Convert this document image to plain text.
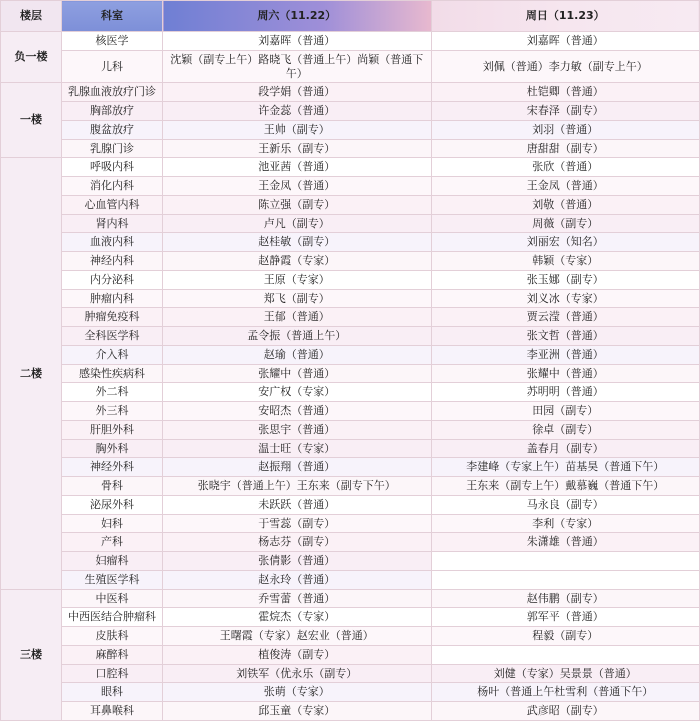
楼层	科室	周六（11.22）	周日（11.23）
负一楼	核医学	刘嘉晖（普通）	刘嘉晖（普通）
	儿科	沈颖（副专上午）路晓飞（普通上午）尚颖（普通下午）	刘佩（普通）李力敏（副专上午）
一楼	乳腺血液放疗门诊	段学娟（普通）	杜铠卿（普通）
	胸部放疗	许金蕊（普通）	宋春泽（副专）
	腹盆放疗	王帅（副专）	刘羽（普通）
	乳腺门诊	王新乐（副专）	唐甜甜（副专）
二楼	呼吸内科	池亚茜（普通）	张欣（普通）
	消化内科	王金凤（普通）	王金凤（普通）
	心血管内科	陈立强（副专）	刘敬（普通）
	肾内科	卢凡（副专）	周薇（副专）
	血液内科	赵桂敏（副专）	刘丽宏（知名）
	神经内科	赵静霞（专家）	韩颖（专家）
	内分泌科	王原（专家）	张玉娜（副专）
	肿瘤内科	郑飞（副专）	刘义冰（专家）
	肿瘤免疫科	王郁（普通）	贾云滢（普通）
	全科医学科	孟令振（普通上午）	张文哲（普通）
	介入科	赵瑜（普通）	李亚洲（普通）
	感染性疾病科	张耀中（普通）	张耀中（普通）
	外二科	安广权（专家）	苏明明（普通）
	外三科	安昭杰（普通）	田园（副专）
	肝胆外科	张思宇（普通）	徐卓（副专）
	胸外科	温士旺（专家）	盖春月（副专）
	神经外科	赵振翔（普通）	李建峰（专家上午）苗基昊（普通下午）
	骨科	张晓宇（普通上午）王东来（副专下午）	王东来（副专上午）戴慕巍（普通下午）
	泌尿外科	未跃跃（普通）	马永良（副专）
	妇科	于雪蕊（副专）	李利（专家）
	产科	杨志芬（副专）	朱潇雄（普通）
	妇瘤科	张倩影（普通）	
	生殖医学科	赵永玲（普通）	
三楼	中医科	乔雪蕾（普通）	赵伟鹏（副专）
	中西医结合肿瘤科	霍烷杰（专家）	郭军平（普通）
	皮肤科	王曙霞（专家）赵宏业（普通）	程毅（副专）
	麻醉科	植俊涛（副专）	
	口腔科	刘铁军（优永乐（副专）	刘健（专家）吴景景（普通）
	眼科	张萌（专家）	杨叶（普通上午杜雪利（普通下午）
	耳鼻喉科	邱玉童（专家）	武彦昭（副专）
